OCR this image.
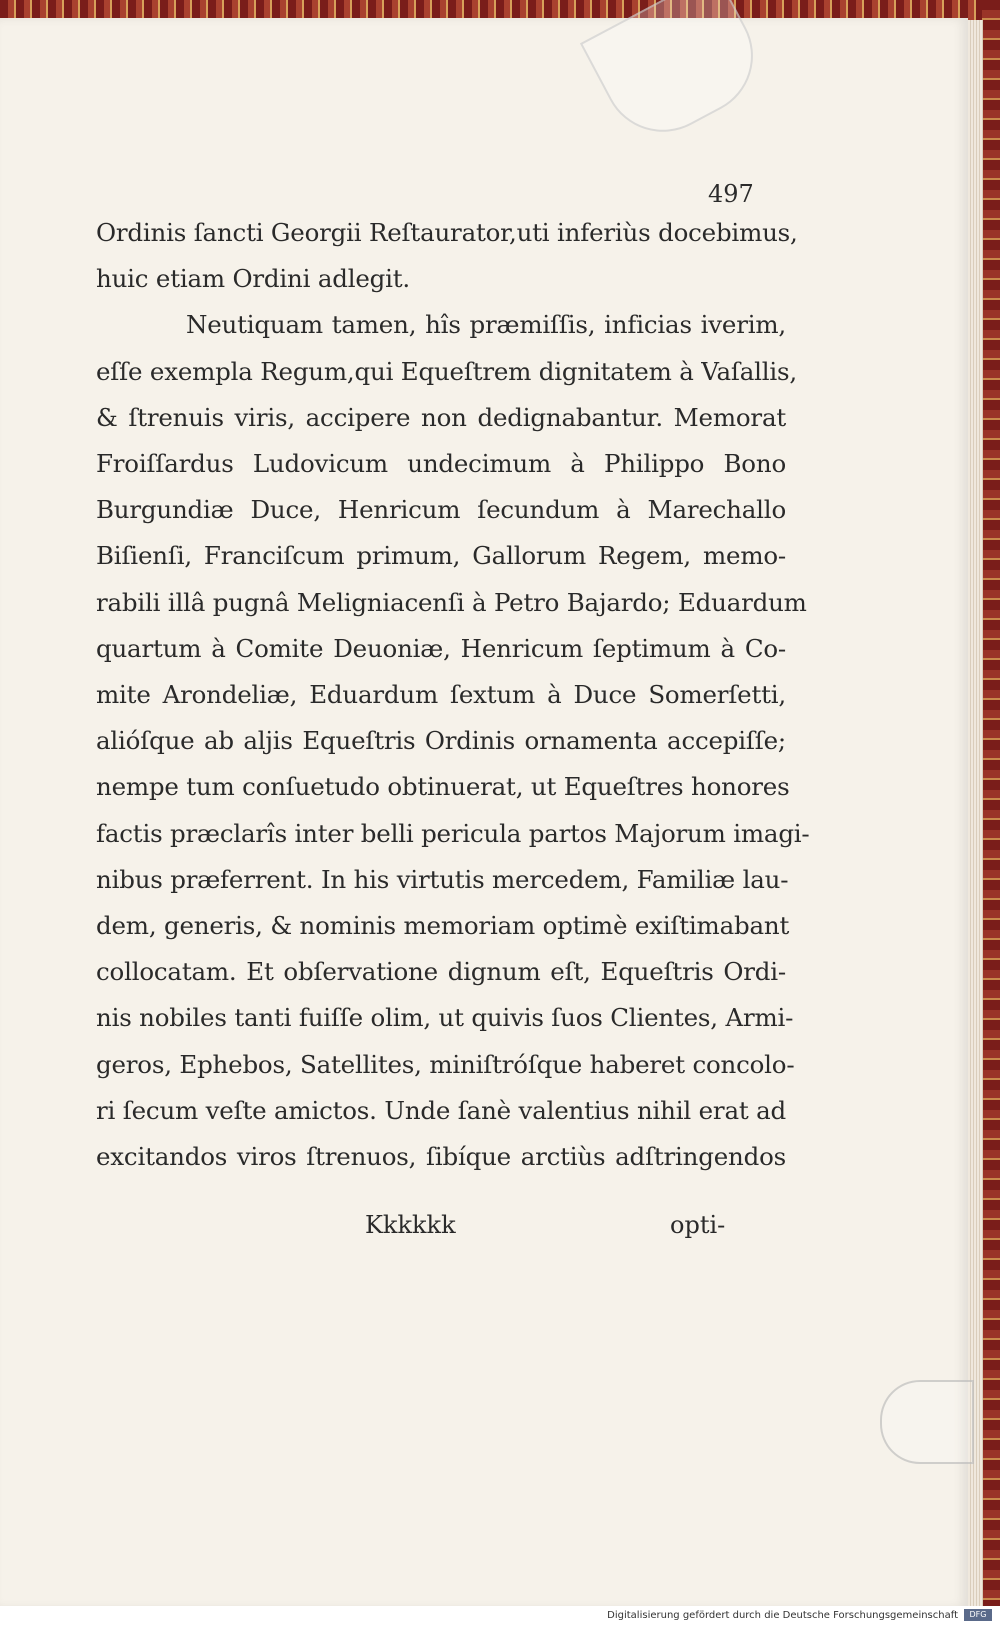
497
Ordinis ſancti Georgii Reſtaurator,uti inferiùs docebimus,
huic etiam Ordini adlegit.
Neutiquam tamen, hîs præmiſſis, inficias iverim,
eſſe exempla Regum,qui Equeſtrem dignitatem à Vaſallis,
& ſtrenuis viris, accipere non dedignabantur. Memorat
Froiſſardus Ludovicum undecimum à Philippo Bono
Burgundiæ Duce, Henricum ſecundum à Marechallo
Biſienſi, Franciſcum primum, Gallorum Regem, memo-
rabili illâ pugnâ Meligniacenſi à Petro Bajardo; Eduardum
quartum à Comite Deuoniæ, Henricum ſeptimum à Co-
mite Arondeliæ, Eduardum ſextum à Duce Somerſetti,
alióſque ab aljis Equeſtris Ordinis ornamenta accepiſſe;
nempe tum conſuetudo obtinuerat, ut Equeſtres honores
factis præclarîs inter belli pericula partos Majorum imagi-
nibus præferrent. In his virtutis mercedem, Familiæ lau-
dem, generis, & nominis memoriam optimè exiſtimabant
collocatam. Et obſervatione dignum eſt, Equeſtris Ordi-
nis nobiles tanti fuiſſe olim, ut quivis ſuos Clientes, Armi-
geros, Ephebos, Satellites, miniſtróſque haberet concolo-
ri ſecum veſte amictos. Unde ſanè valentius nihil erat ad
excitandos viros ſtrenuos, ſibíque arctiùs adſtringendos
Kkkkkk	opti-
Digitalisierung gefördert durch die Deutsche Forschungsgemeinschaft	DFG
